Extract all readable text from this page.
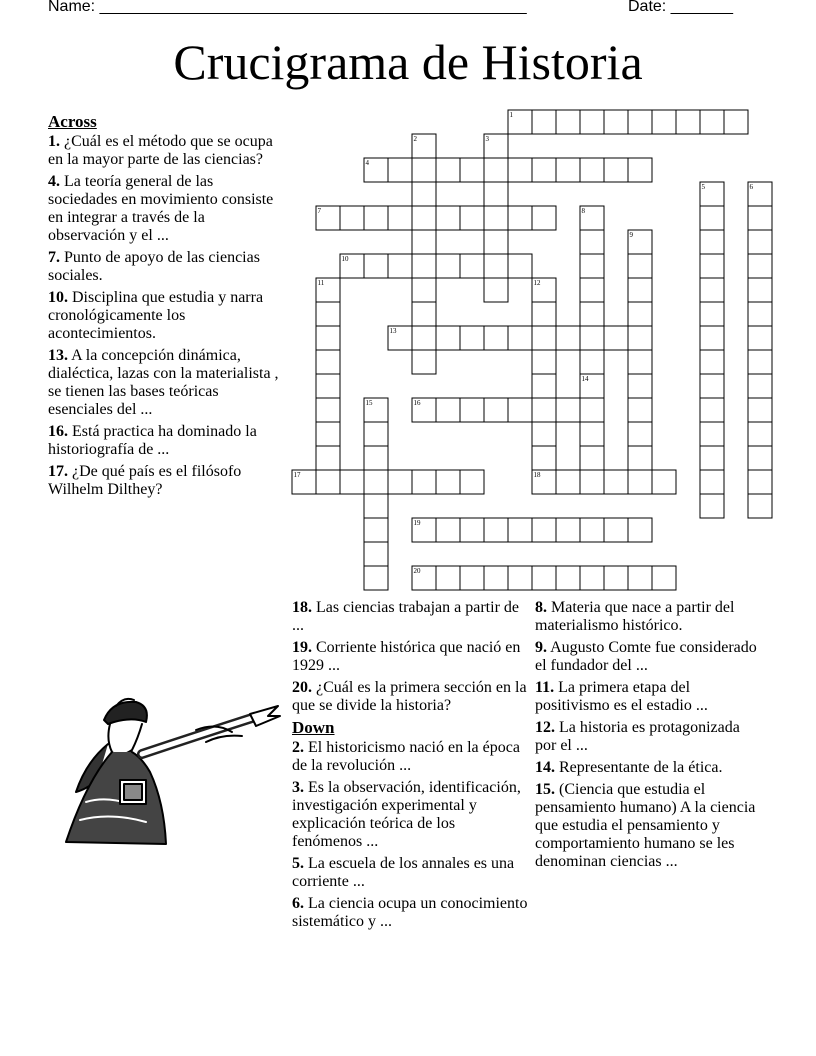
Name: ________________________________________________	Date: _______
Crucigrama de Historia
1
2	3
4
5	6
7	8
9
10
11	12
13
14
15	16
17	18
19
20
Across
1. ¿Cuál es el método que se ocupa en la mayor parte de las ciencias?
4. La teoría general de las sociedades en movimiento consiste en integrar a través de la observación y el ...
7. Punto de apoyo de las ciencias sociales.
10. Disciplina que estudia y narra cronológicamente los acontecimientos.
13. A la concepción dinámica, dialéctica, lazas con la materialista , se tienen las bases teóricas esenciales del ...
16. Está practica ha dominado la historiografía de ...
17. ¿De qué país es el filósofo Wilhelm Dilthey?
18. Las ciencias trabajan a partir de ...
19. Corriente histórica que nació en 1929 ...
20. ¿Cuál es la primera sección en la que se divide la historia?
Down
2. El historicismo nació en la época de la revolución ...
3. Es la observación, identificación, investigación experimental y explicación teórica de los fenómenos ...
5. La escuela de los annales es una corriente ...
6. La ciencia ocupa un conocimiento sistemático y ...
8. Materia que nace a partir del materialismo histórico.
9. Augusto Comte fue considerado el fundador del ...
11. La primera etapa del positivismo es el estadio ...
12. La historia es protagonizada por el ...
14. Representante de la ética.
15. (Ciencia que estudia el pensamiento humano) A la ciencia que estudia el pensamiento y comportamiento humano se les denominan ciencias ...
